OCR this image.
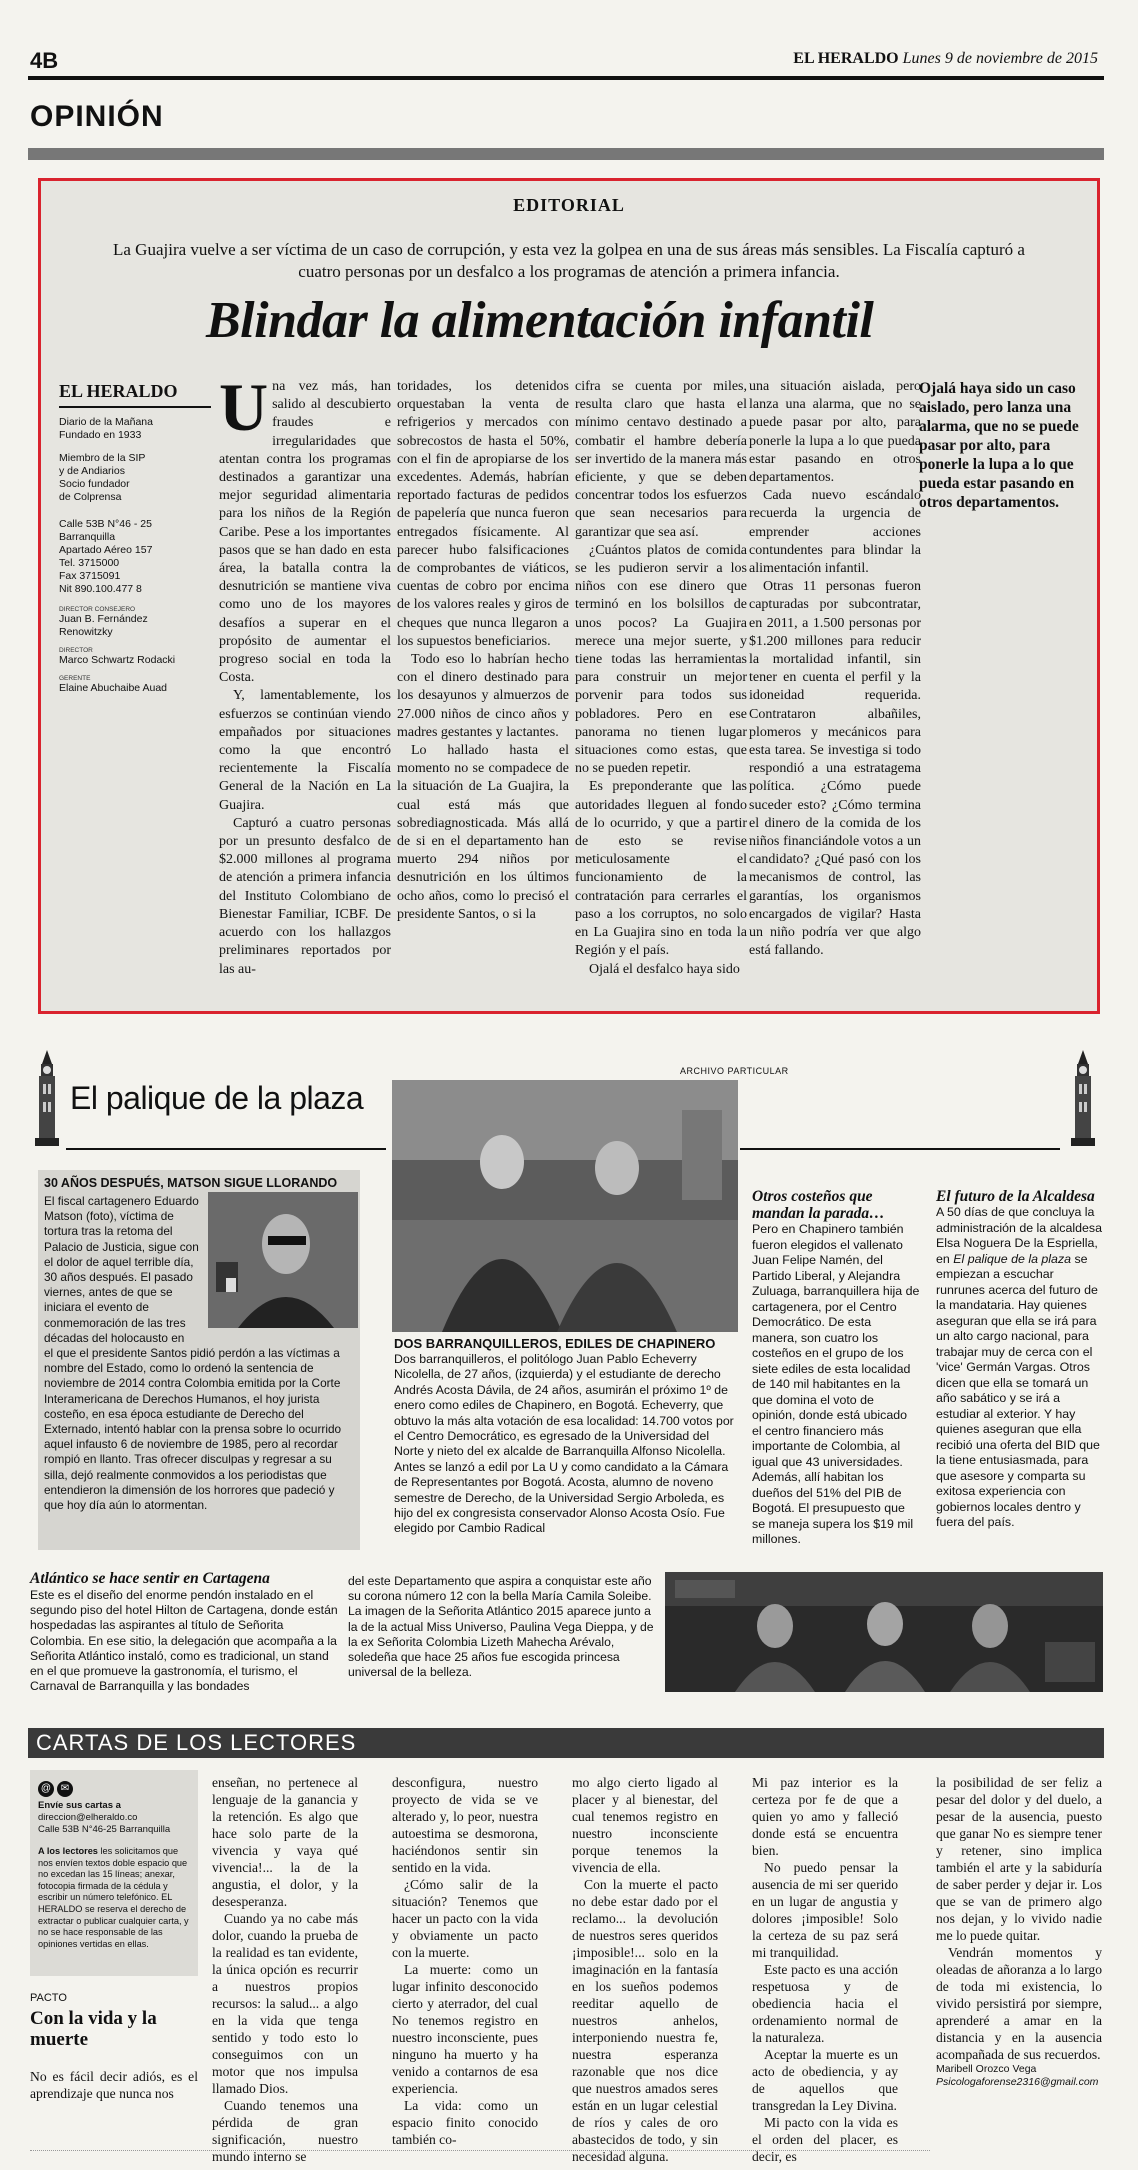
4B	EL HERALDO Lunes 9 de noviembre de 2015
OPINIÓN
EDITORIAL
La Guajira vuelve a ser víctima de un caso de corrupción, y esta vez la golpea en una de sus áreas más sensibles. La Fiscalía capturó a cuatro personas por un desfalco a los programas de atención a primera infancia.
Blindar la alimentación infantil
EL HERALDO
Diario de la Mañana
Fundado en 1933
Miembro de la SIP
y de Andiarios
Socio fundador
de Colprensa
Calle 53B N°46 - 25
Barranquilla
Apartado Aéreo 157
Tel. 3715000
Fax 3715091
Nit 890.100.477 8
DIRECTOR CONSEJERO
Juan B. Fernández
Renowitzky
DIRECTOR
Marco Schwartz Rodacki
GERENTE
Elaine Abuchaibe Auad

Una vez más, han salido al descubierto fraudes e irregularidades que atentan contra los programas destinados a garantizar una mejor seguridad alimentaria para los niños de la Región Caribe. Pese a los importantes pasos que se han dado en esta área, la batalla contra la desnutrición se mantiene viva como uno de los mayores desafíos a superar en el propósito de aumentar el progreso social en toda la Costa.

Y, lamentablemente, los esfuerzos se continúan viendo empañados por situaciones como la que encontró recientemente la Fiscalía General de la Nación en La Guajira.

Capturó a cuatro personas por un presunto desfalco de $2.000 millones al programa de atención a primera infancia del Instituto Colombiano de Bienestar Familiar, ICBF. De acuerdo con los hallazgos preliminares reportados por las au-

toridades, los detenidos orquestaban la venta de refrigerios y mercados con sobrecostos de hasta el 50%, con el fin de apropiarse de los excedentes. Además, habrían reportado facturas de pedidos de papelería que nunca fueron entregados físicamente. Al parecer hubo falsificaciones de comprobantes de viáticos, cuentas de cobro por encima de los valores reales y giros de cheques que nunca llegaron a los supuestos beneficiarios.

Todo eso lo habrían hecho con el dinero destinado para los desayunos y almuerzos de 27.000 niños de cinco años y madres gestantes y lactantes.

Lo hallado hasta el momento no se compadece de la situación de La Guajira, la cual está más que sobrediagnosticada. Más allá de si en el departamento han muerto 294 niños por desnutrición en los últimos ocho años, como lo precisó el presidente Santos, o si la

cifra se cuenta por miles, resulta claro que hasta el mínimo centavo destinado a combatir el hambre debería ser invertido de la manera más eficiente, y que se deben concentrar todos los esfuerzos que sean necesarios para garantizar que sea así.

¿Cuántos platos de comida se les pudieron servir a los niños con ese dinero que terminó en los bolsillos de unos pocos? La Guajira merece una mejor suerte, y tiene todas las herramientas para construir un mejor porvenir para todos sus pobladores. Pero en ese panorama no tienen lugar situaciones como estas, que no se pueden repetir.

Es preponderante que las autoridades lleguen al fondo de lo ocurrido, y que a partir de esto se revise meticulosamente el funcionamiento de la contratación para cerrarles el paso a los corruptos, no solo en La Guajira sino en toda la Región y el país.

Ojalá el desfalco haya sido

una situación aislada, pero lanza una alarma, que no se puede pasar por alto, para ponerle la lupa a lo que pueda estar pasando en otros departamentos.

Cada nuevo escándalo recuerda la urgencia de emprender acciones contundentes para blindar la alimentación infantil.

Otras 11 personas fueron capturadas por subcontratar, en 2011, a 1.500 personas por $1.200 millones para reducir la mortalidad infantil, sin tener en cuenta el perfil y la idoneidad requerida. Contrataron albañiles, plomeros y mecánicos para esta tarea. Se investiga si todo respondió a una estratagema política. ¿Cómo puede suceder esto? ¿Cómo termina el dinero de la comida de los niños financiándole votos a un candidato? ¿Qué pasó con los mecanismos de control, las garantías, los organismos encargados de vigilar? Hasta un niño podría ver que algo está fallando.

Ojalá haya sido un caso aislado, pero lanza una alarma, que no se puede pasar por alto, para ponerle la lupa a lo que pueda estar pasando en otros departamentos.
El palique de la plaza
ARCHIVO PARTICULAR
30 AÑOS DESPUÉS, MATSON SIGUE LLORANDO
El fiscal cartagenero Eduardo Matson (foto), víctima de tortura tras la retoma del Palacio de Justicia, sigue con el dolor de aquel terrible día, 30 años después. El pasado viernes, antes de que se iniciara el evento de conmemoración de las tres décadas del holocausto en
el que el presidente Santos pidió perdón a las víctimas a nombre del Estado, como lo ordenó la sentencia de noviembre de 2014 contra Colombia emitida por la Corte Interamericana de Derechos Humanos, el hoy jurista costeño, en esa época estudiante de Derecho del Externado, intentó hablar con la prensa sobre lo ocurrido aquel infausto 6 de noviembre de 1985, pero al recordar rompió en llanto. Tras ofrecer disculpas y regresar a su silla, dejó realmente conmovidos a los periodistas que entendieron la dimensión de los horrores que padeció y que hoy día aún lo atormentan.
DOS BARRANQUILLEROS, EDILES DE CHAPINERO
Dos barranquilleros, el politólogo Juan Pablo Echeverry Nicolella, de 27 años, (izquierda) y el estudiante de derecho Andrés Acosta Dávila, de 24 años, asumirán el próximo 1º de enero como ediles de Chapinero, en Bogotá. Echeverry, que obtuvo la más alta votación de esa localidad: 14.700 votos por el Centro Democrático, es egresado de la Universidad del Norte y nieto del ex alcalde de Barranquilla Alfonso Nicolella. Antes se lanzó a edil por La U y como candidato a la Cámara de Representantes por Bogotá. Acosta, alumno de noveno semestre de Derecho, de la Universidad Sergio Arboleda, es hijo del ex congresista conservador Alonso Acosta Osío. Fue elegido por Cambio Radical
Otros costeños que mandan la parada…
Pero en Chapinero también fueron elegidos el vallenato Juan Felipe Namén, del Partido Liberal, y Alejandra Zuluaga, barranquillera hija de cartagenera, por el Centro Democrático. De esta manera, son cuatro los costeños en el grupo de los siete ediles de esta localidad de 140 mil habitantes en la que domina el voto de opinión, donde está ubicado el centro financiero más importante de Colombia, al igual que 43 universidades. Además, allí habitan los dueños del 51% del PIB de Bogotá. El presupuesto que se maneja supera los $19 mil millones.
El futuro de la Alcaldesa
A 50 días de que concluya la administración de la alcaldesa Elsa Noguera De la Espriella, en El palique de la plaza se empiezan a escuchar runrunes acerca del futuro de la mandataria. Hay quienes aseguran que ella se irá para un alto cargo nacional, para trabajar muy de cerca con el 'vice' Germán Vargas. Otros dicen que ella se tomará un año sabático y se irá a estudiar al exterior. Y hay quienes aseguran que ella recibió una oferta del BID que la tiene entusiasmada, para que asesore y comparta su exitosa experiencia con gobiernos locales dentro y fuera del país.
Atlántico se hace sentir en Cartagena
Este es el diseño del enorme pendón instalado en el segundo piso del hotel Hilton de Cartagena, donde están hospedadas las aspirantes al título de Señorita Colombia. En ese sitio, la delegación que acompaña a la Señorita Atlántico instaló, como es tradicional, un stand en el que promueve la gastronomía, el turismo, el Carnaval de Barranquilla y las bondades
del este Departamento que aspira a conquistar este año su corona número 12 con la bella María Camila Soleibe. La imagen de la Señorita Atlántico 2015 aparece junto a la de la actual Miss Universo, Paulina Vega Dieppa, y de la ex Señorita Colombia Lizeth Mahecha Arévalo, soledeña que hace 25 años fue escogida princesa universal de la belleza.
CARTAS DE LOS LECTORES
@ ✉
Envíe sus cartas a
direccion@elheraldo.co
Calle 53B N°46-25 Barranquilla
A los lectores les solicitamos que nos envíen textos doble espacio que no excedan las 15 líneas; anexar, fotocopia firmada de la cédula y escribir un número telefónico. EL HERALDO se reserva el derecho de extractar o publicar cualquier carta, y no se hace responsable de las opiniones vertidas en ellas.
PACTO
Con la vida y la muerte
No es fácil decir adiós, es el aprendizaje que nunca nos

enseñan, no pertenece al lenguaje de la ganancia y la retención. Es algo que hace solo parte de la vivencia y vaya qué vivencia!... la de la angustia, el dolor, y la desesperanza.

Cuando ya no cabe más dolor, cuando la prueba de la realidad es tan evidente, la única opción es recurrir a nuestros propios recursos: la salud... a algo en la vida que tenga sentido y todo esto lo conseguimos con un motor que nos impulsa llamado Dios.

Cuando tenemos una pérdida de gran significación, nuestro mundo interno se

desconfigura, nuestro proyecto de vida se ve alterado y, lo peor, nuestra autoestima se desmorona, haciéndonos sentir sin sentido en la vida.

¿Cómo salir de la situación? Tenemos que hacer un pacto con la vida y obviamente un pacto con la muerte.

La muerte: como un lugar infinito desconocido cierto y aterrador, del cual No tenemos registro en nuestro inconsciente, pues ninguno ha muerto y ha venido a contarnos de esa experiencia.

La vida: como un espacio finito conocido también co-

mo algo cierto ligado al placer y al bienestar, del cual tenemos registro en nuestro inconsciente porque tenemos la vivencia de ella.

Con la muerte el pacto no debe estar dado por el reclamo... la devolución de nuestros seres queridos ¡imposible!... solo en la imaginación en la fantasía en los sueños podemos reeditar aquello de nuestros anhelos, interponiendo nuestra fe, nuestra esperanza razonable que nos dice que nuestros amados seres están en un lugar celestial de ríos y cales de oro abastecidos de todo, y sin necesidad alguna.

Mi paz interior es la certeza por fe de que a quien yo amo y falleció donde está se encuentra bien.

No puedo pensar la ausencia de mi ser querido en un lugar de angustia y dolores ¡imposible! Solo la certeza de su paz será mi tranquilidad.

Este pacto es una acción respetuosa y de obediencia hacia el ordenamiento normal de la naturaleza.

Aceptar la muerte es un acto de obediencia, y ay de aquellos que transgredan la Ley Divina.

Mi pacto con la vida es el orden del placer, es decir, es

la posibilidad de ser feliz a pesar del dolor y del duelo, a pesar de la ausencia, puesto que ganar No es siempre tener y retener, sino implica también el arte y la sabiduría de saber perder y dejar ir. Los que se van de primero algo nos dejan, y lo vivido nadie me lo puede quitar.

Vendrán momentos y oleadas de añoranza a lo largo de toda mi existencia, lo vivido persistirá por siempre, aprenderé a amar en la distancia y en la ausencia acompañada de sus recuerdos.

Maribell Orozco Vega
Psicologaforense2316@gmail.com
